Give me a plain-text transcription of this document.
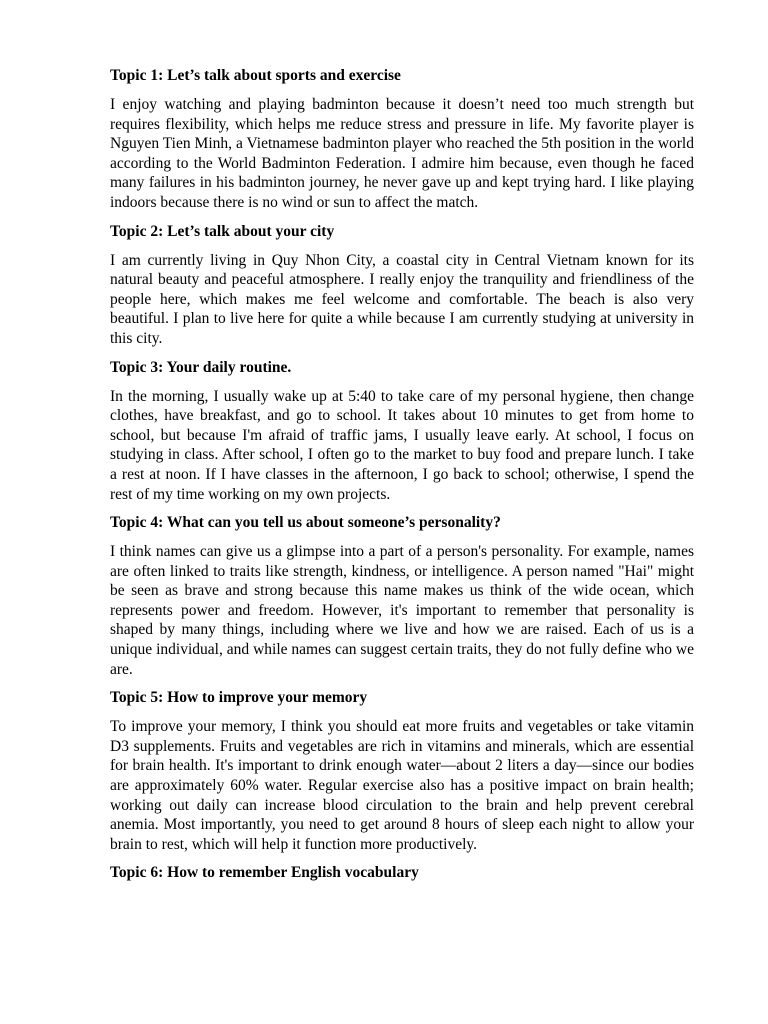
Topic 1: Let’s talk about sports and exercise
I enjoy watching and playing badminton because it doesn’t need too much strength but requires flexibility, which helps me reduce stress and pressure in life. My favorite player is Nguyen Tien Minh, a Vietnamese badminton player who reached the 5th position in the world according to the World Badminton Federation. I admire him because, even though he faced many failures in his badminton journey, he never gave up and kept trying hard. I like playing indoors because there is no wind or sun to affect the match.
Topic 2: Let’s talk about your city
I am currently living in Quy Nhon City, a coastal city in Central Vietnam known for its natural beauty and peaceful atmosphere. I really enjoy the tranquility and friendliness of the people here, which makes me feel welcome and comfortable. The beach is also very beautiful. I plan to live here for quite a while because I am currently studying at university in this city.
Topic 3: Your daily routine.
In the morning, I usually wake up at 5:40 to take care of my personal hygiene, then change clothes, have breakfast, and go to school. It takes about 10 minutes to get from home to school, but because I'm afraid of traffic jams, I usually leave early. At school, I focus on studying in class. After school, I often go to the market to buy food and prepare lunch. I take a rest at noon. If I have classes in the afternoon, I go back to school; otherwise, I spend the rest of my time working on my own projects.
Topic 4: What can you tell us about someone’s personality?
I think names can give us a glimpse into a part of a person's personality. For example, names are often linked to traits like strength, kindness, or intelligence. A person named "Hai" might be seen as brave and strong because this name makes us think of the wide ocean, which represents power and freedom. However, it's important to remember that personality is shaped by many things, including where we live and how we are raised. Each of us is a unique individual, and while names can suggest certain traits, they do not fully define who we are.
Topic 5: How to improve your memory
To improve your memory, I think you should eat more fruits and vegetables or take vitamin D3 supplements. Fruits and vegetables are rich in vitamins and minerals, which are essential for brain health. It's important to drink enough water—about 2 liters a day—since our bodies are approximately 60% water. Regular exercise also has a positive impact on brain health; working out daily can increase blood circulation to the brain and help prevent cerebral anemia. Most importantly, you need to get around 8 hours of sleep each night to allow your brain to rest, which will help it function more productively.
Topic 6: How to remember English vocabulary
